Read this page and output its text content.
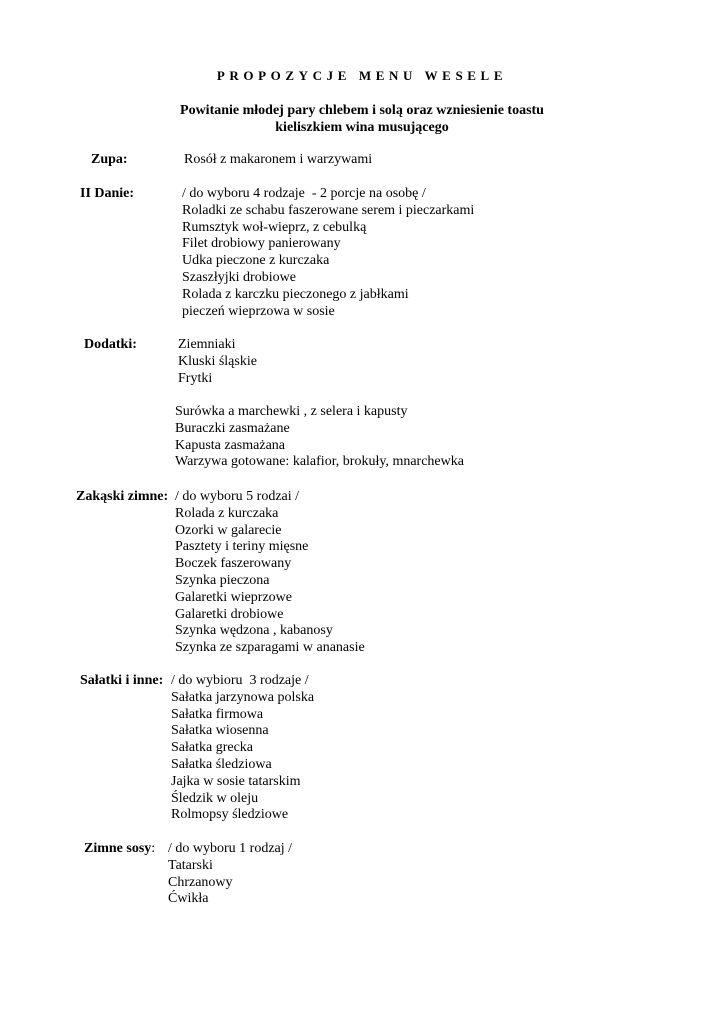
PROPOZYCJE MENU WESELE
Powitanie młodej pary chlebem i solą oraz wzniesienie toastu
kieliszkiem wina musującego
Zupa:	Rosół z makaronem i warzywami
II Danie:	/ do wyboru 4 rodzaje  - 2 porcje na osobę /
Roladki ze schabu faszerowane serem i pieczarkami
Rumsztyk woł-wieprz, z cebulką
Filet drobiowy panierowany
Udka pieczone z kurczaka
Szaszłyjki drobiowe
Rolada z karczku pieczonego z jabłkami
pieczeń wieprzowa w sosie
Dodatki:	Ziemniaki
Kluski śląskie
Frytki
Surówka a marchewki , z selera i kapusty
Buraczki zasmażane
Kapusta zasmażana
Warzywa gotowane: kalafior, brokuły, mnarchewka
Zakąski zimne: / do wyboru 5 rodzai /
Rolada z kurczaka
Ozorki w galarecie
Pasztety i teriny mięsne
Boczek faszerowany
Szynka pieczona
Galaretki wieprzowe
Galaretki drobiowe
Szynka wędzona , kabanosy
Szynka ze szparagami w ananasie
Sałatki i inne: / do wybioru  3 rodzaje /
Sałatka jarzynowa polska
Sałatka firmowa
Sałatka wiosenna
Sałatka grecka
Sałatka śledziowa
Jajka w sosie tatarskim
Śledzik w oleju
Rolmopsy śledziowe
Zimne sosy: / do wyboru 1 rodzaj /
Tatarski
Chrzanowy
Ćwikła
